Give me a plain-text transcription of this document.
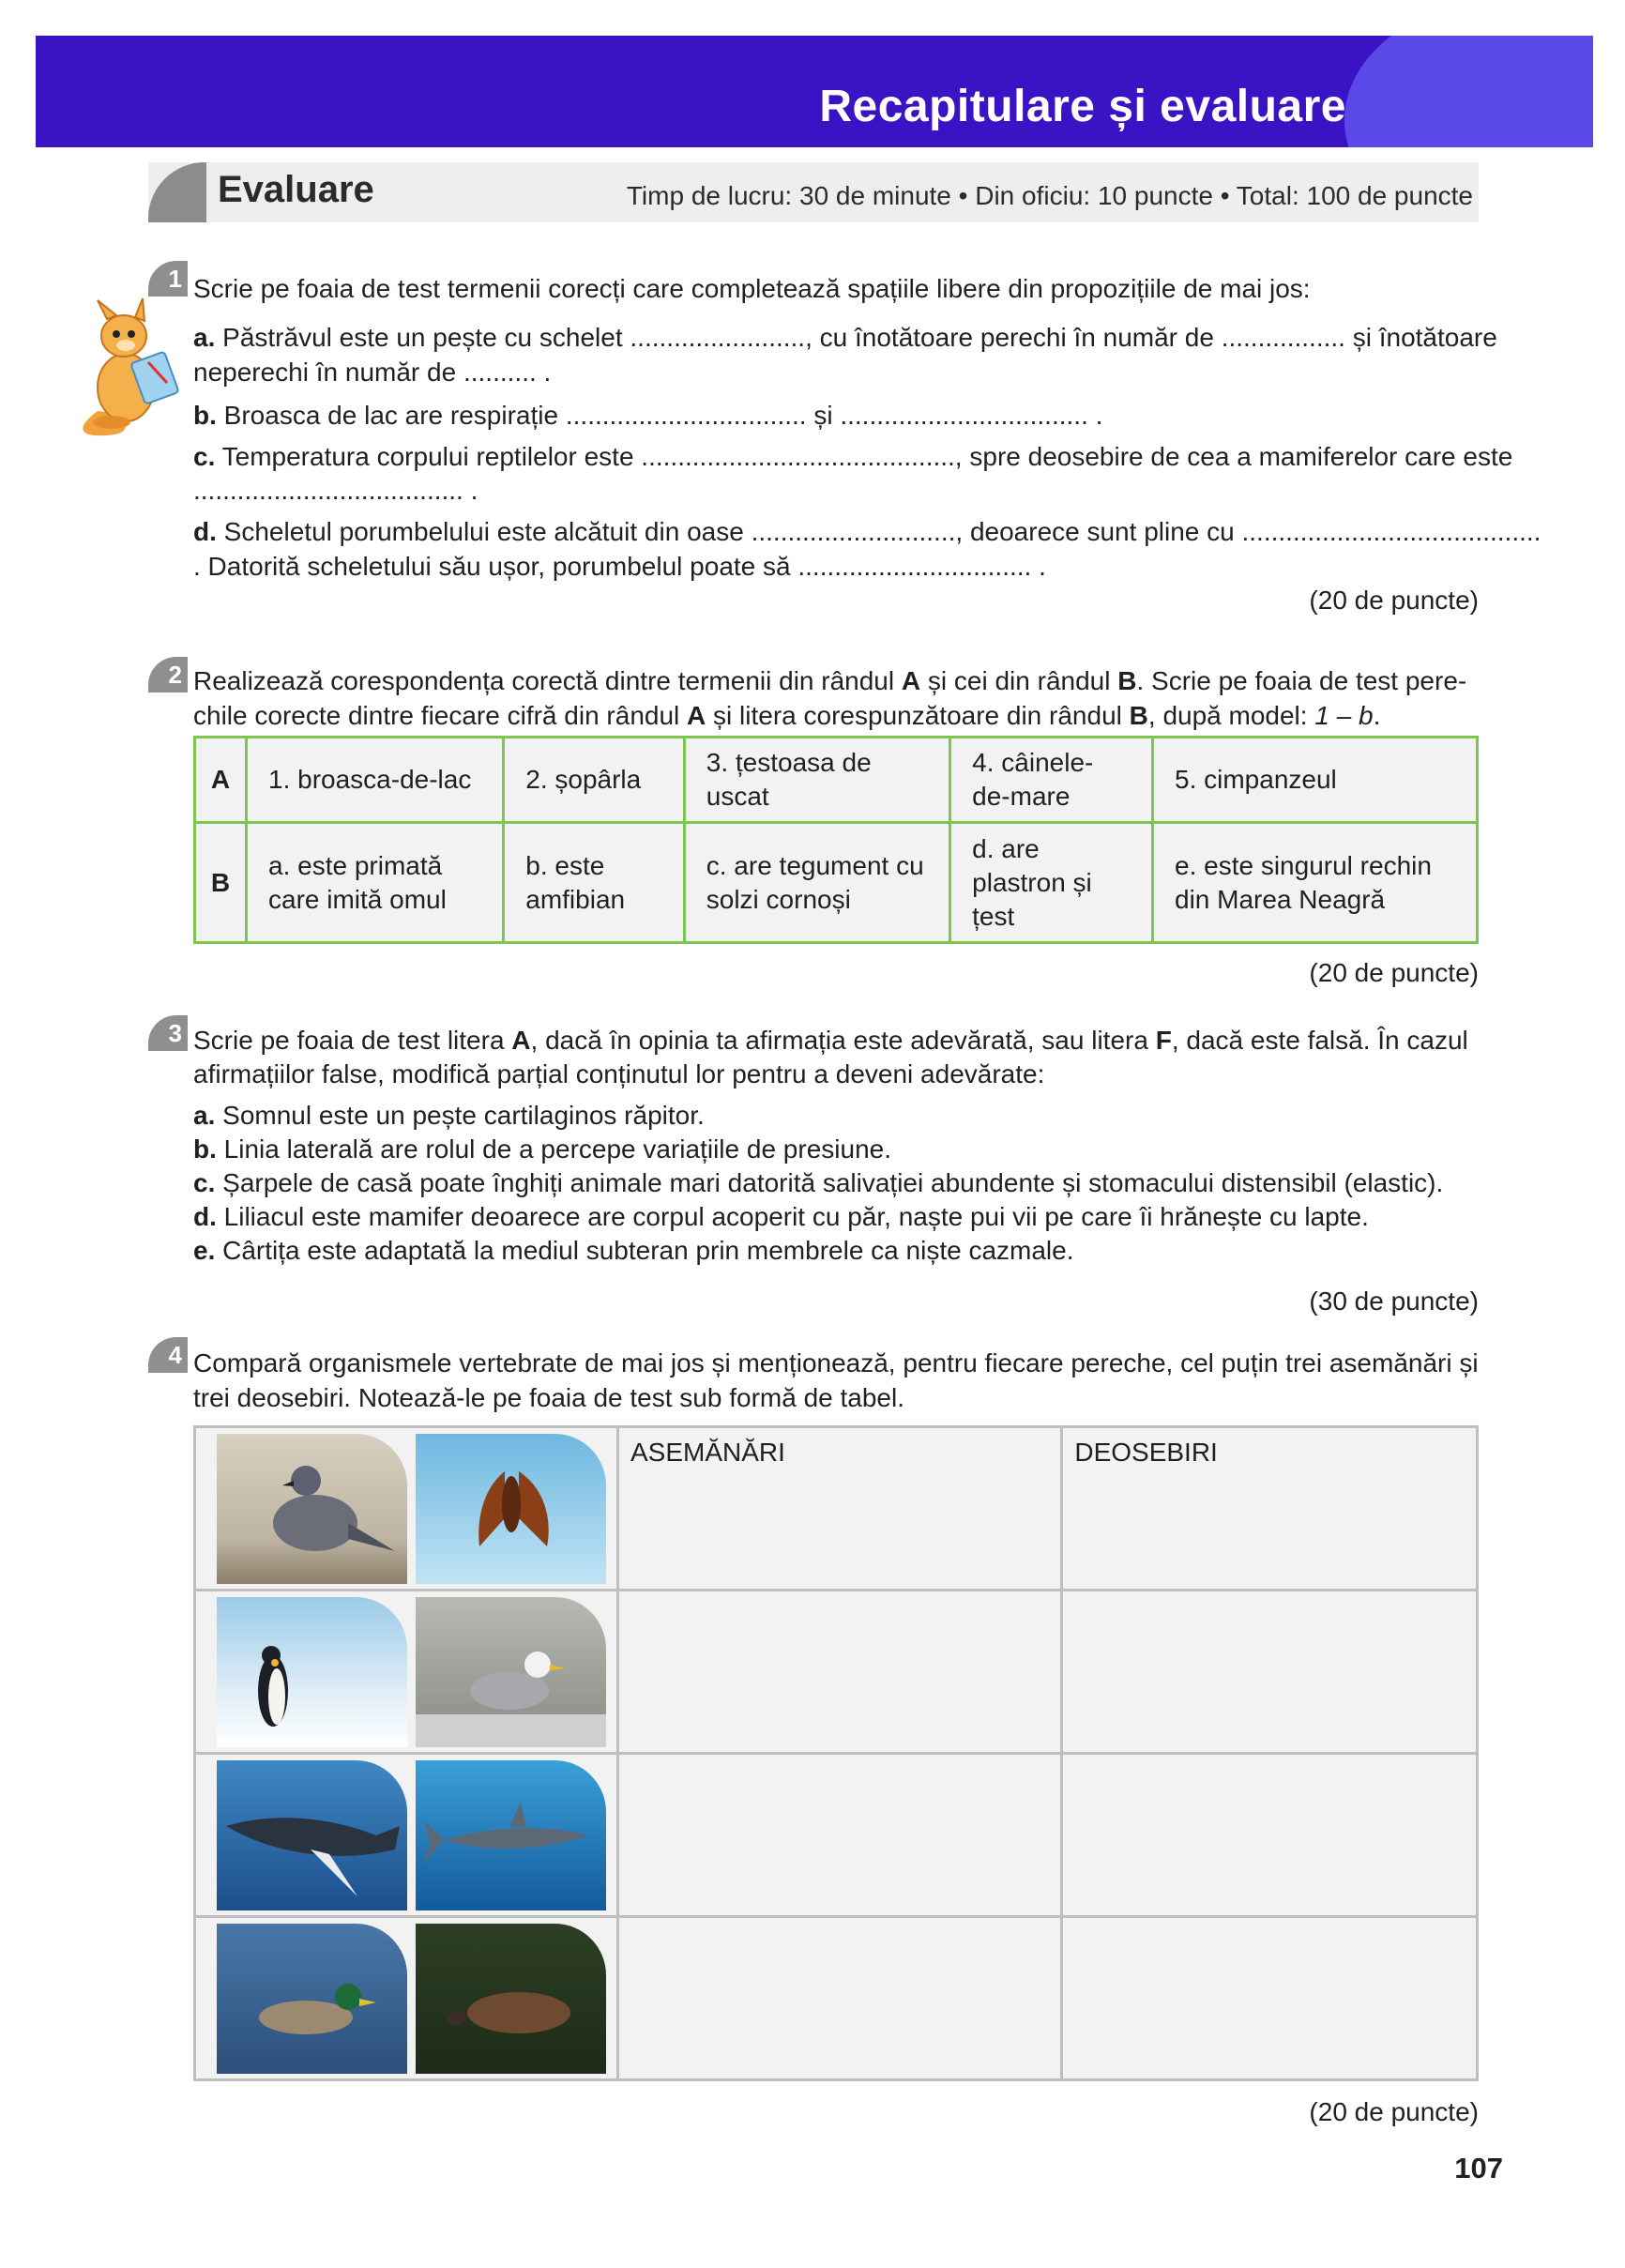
Recapitulare și evaluare
Evaluare	Timp de lucru: 30 de minute • Din oficiu: 10 puncte • Total: 100 de puncte
1 Scrie pe foaia de test termenii corecți care completează spațiile libere din propozițiile de mai jos:
a. Păstrăvul este un pește cu schelet ........................, cu înotătoare perechi în număr de ................. și înotătoare
neperechi în număr de .......... .
b. Broasca de lac are respirație ................................. și .................................. .
c. Temperatura corpului reptilelor este ..........................................., spre deosebire de cea a mamiferelor care este
..................................... .
d. Scheletul porumbelului este alcătuit din oase ............................, deoarece sunt pline cu .........................................
. Datorită scheletului său ușor, porumbelul poate să ................................ .
(20 de puncte)
2 Realizează corespondența corectă dintre termenii din rândul A și cei din rândul B. Scrie pe foaia de test pere-
chile corecte dintre fiecare cifră din rândul A și litera corespunzătoare din rândul B, după model: 1 – b.
A	1. broasca-de-lac	2. șopârla	3. țestoasa de uscat	4. câinele-de-mare	5. cimpanzeul
B	a. este primată care imită omul	b. este amfibian	c. are tegument cu solzi cornoși	d. are plastron și țest	e. este singurul rechin din Marea Neagră
(20 de puncte)
3 Scrie pe foaia de test litera A, dacă în opinia ta afirmația este adevărată, sau litera F, dacă este falsă. În cazul
afirmațiilor false, modifică parțial conținutul lor pentru a deveni adevărate:
a. Somnul este un pește cartilaginos răpitor.
b. Linia laterală are rolul de a percepe variațiile de presiune.
c. Șarpele de casă poate înghiți animale mari datorită salivației abundente și stomacului distensibil (elastic).
d. Liliacul este mamifer deoarece are corpul acoperit cu păr, naște pui vii pe care îi hrănește cu lapte.
e. Cârtița este adaptată la mediul subteran prin membrele ca niște cazmale.
(30 de puncte)
4 Compară organismele vertebrate de mai jos și menționează, pentru fiecare pereche, cel puțin trei asemănări și
trei deosebiri. Notează-le pe foaia de test sub formă de tabel.
	ASEMĂNĂRI	DEOSEBIRI

(20 de puncte)
107
